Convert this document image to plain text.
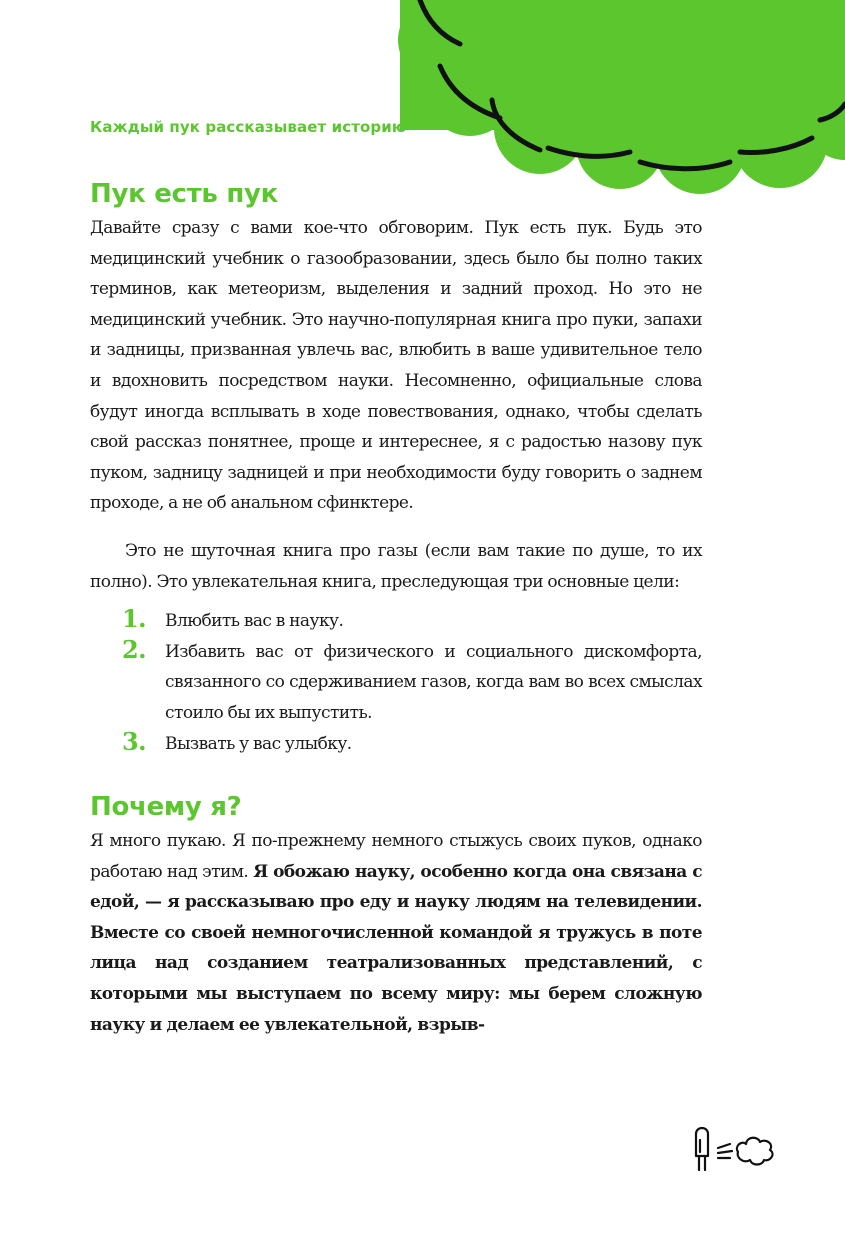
Каждый пук рассказывает историю
Пук есть пук

Давайте сразу с вами кое-что обговорим. Пук есть пук. Будь это медицинский учебник о газообразовании, здесь было бы полно таких терминов, как метеоризм, выделения и задний проход. Но это не медицинский учебник. Это научно-популярная книга про пуки, запахи и задницы, призванная увлечь вас, влюбить в ваше удивительное тело и вдохновить посредством науки. Несомненно, официальные слова будут иногда всплывать в ходе повествования, однако, чтобы сделать свой рассказ понятнее, проще и интереснее, я с радостью назову пук пуком, задницу задницей и при необходимости буду говорить о заднем проходе, а не об анальном сфинктере.

Это не шуточная книга про газы (если вам такие по душе, то их полно). Это увлекательная книга, преследующая три основные цели:

1. Влюбить вас в науку.
2. Избавить вас от физического и социального дискомфорта, связанного со сдерживанием газов, когда вам во всех смыслах стоило бы их выпустить.
3. Вызвать у вас улыбку.
Почему я?

Я много пукаю. Я по-прежнему немного стыжусь своих пуков, однако работаю над этим. Я обожаю науку, особенно когда она связана с едой, — я рассказываю про еду и науку людям на телевидении. Вместе со своей немногочисленной командой я тружусь в поте лица над созданием театрализованных представлений, с которыми мы выступаем по всему миру: мы берем сложную науку и делаем ее увлекательной, взрыв-
